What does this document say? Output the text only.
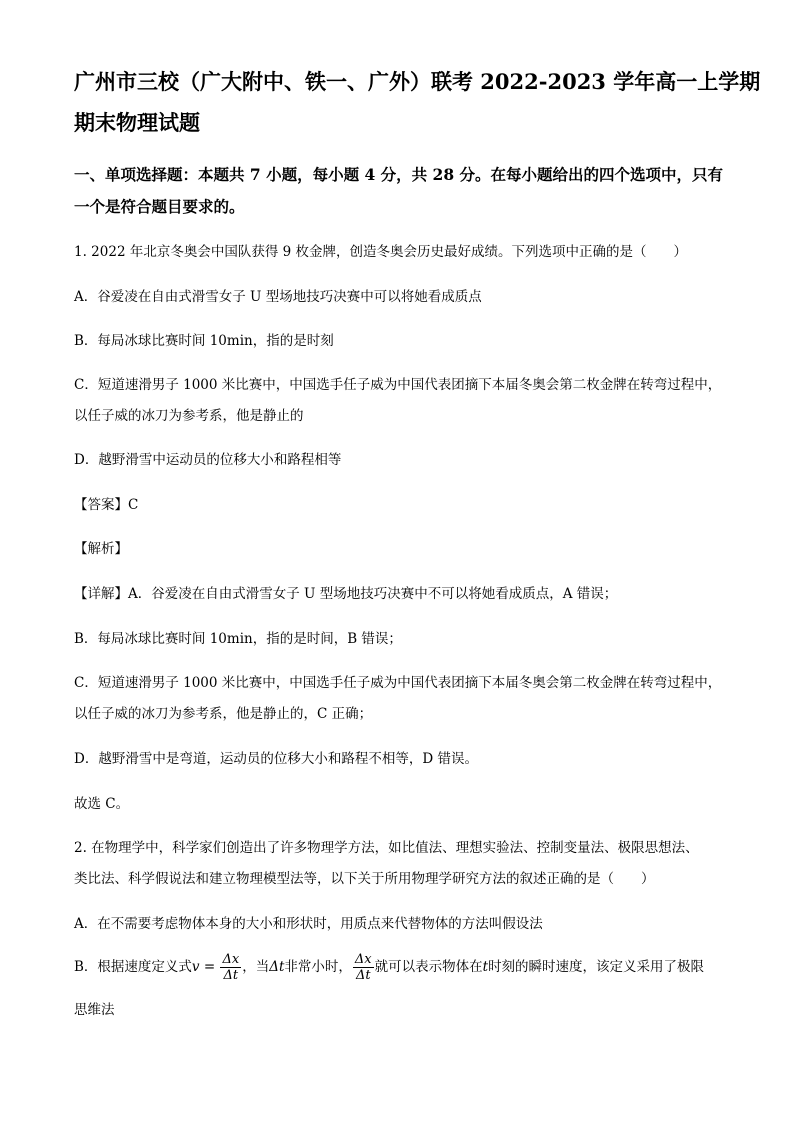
广州市三校（广大附中、铁一、广外）联考 2022-2023 学年高一上学期
期末物理试题
一、单项选择题：本题共 7 小题，每小题 4 分，共 28 分。在每小题给出的四个选项中，只有
一个是符合题目要求的。
1. 2022 年北京冬奥会中国队获得 9 枚金牌，创造冬奥会历史最好成绩。下列选项中正确的是（　　）
A．谷爱凌在自由式滑雪女子 U 型场地技巧决赛中可以将她看成质点
B．每局冰球比赛时间 10min，指的是时刻
C．短道速滑男子 1000 米比赛中，中国选手任子威为中国代表团摘下本届冬奥会第二枚金牌在转弯过程中，
以任子威的冰刀为参考系，他是静止的
D．越野滑雪中运动员的位移大小和路程相等
【答案】C
【解析】
【详解】A．谷爱凌在自由式滑雪女子 U 型场地技巧决赛中不可以将她看成质点，A 错误；
B．每局冰球比赛时间 10min，指的是时间，B 错误；
C．短道速滑男子 1000 米比赛中，中国选手任子威为中国代表团摘下本届冬奥会第二枚金牌在转弯过程中，
以任子威的冰刀为参考系，他是静止的，C 正确；
D．越野滑雪中是弯道，运动员的位移大小和路程不相等，D 错误。
故选 C。
2. 在物理学中，科学家们创造出了许多物理学方法，如比值法、理想实验法、控制变量法、极限思想法、
类比法、科学假说法和建立物理模型法等，以下关于所用物理学研究方法的叙述正确的是（　　）
A．在不需要考虑物体本身的大小和形状时，用质点来代替物体的方法叫假设法
B．根据速度定义式$v = \frac{\Delta x}{\Delta t}$ ，当Δt非常小时， $\frac{\Delta x}{\Delta t}$ 就可以表示物体在t时刻的瞬时速度，该定义采用了极限
思维法
